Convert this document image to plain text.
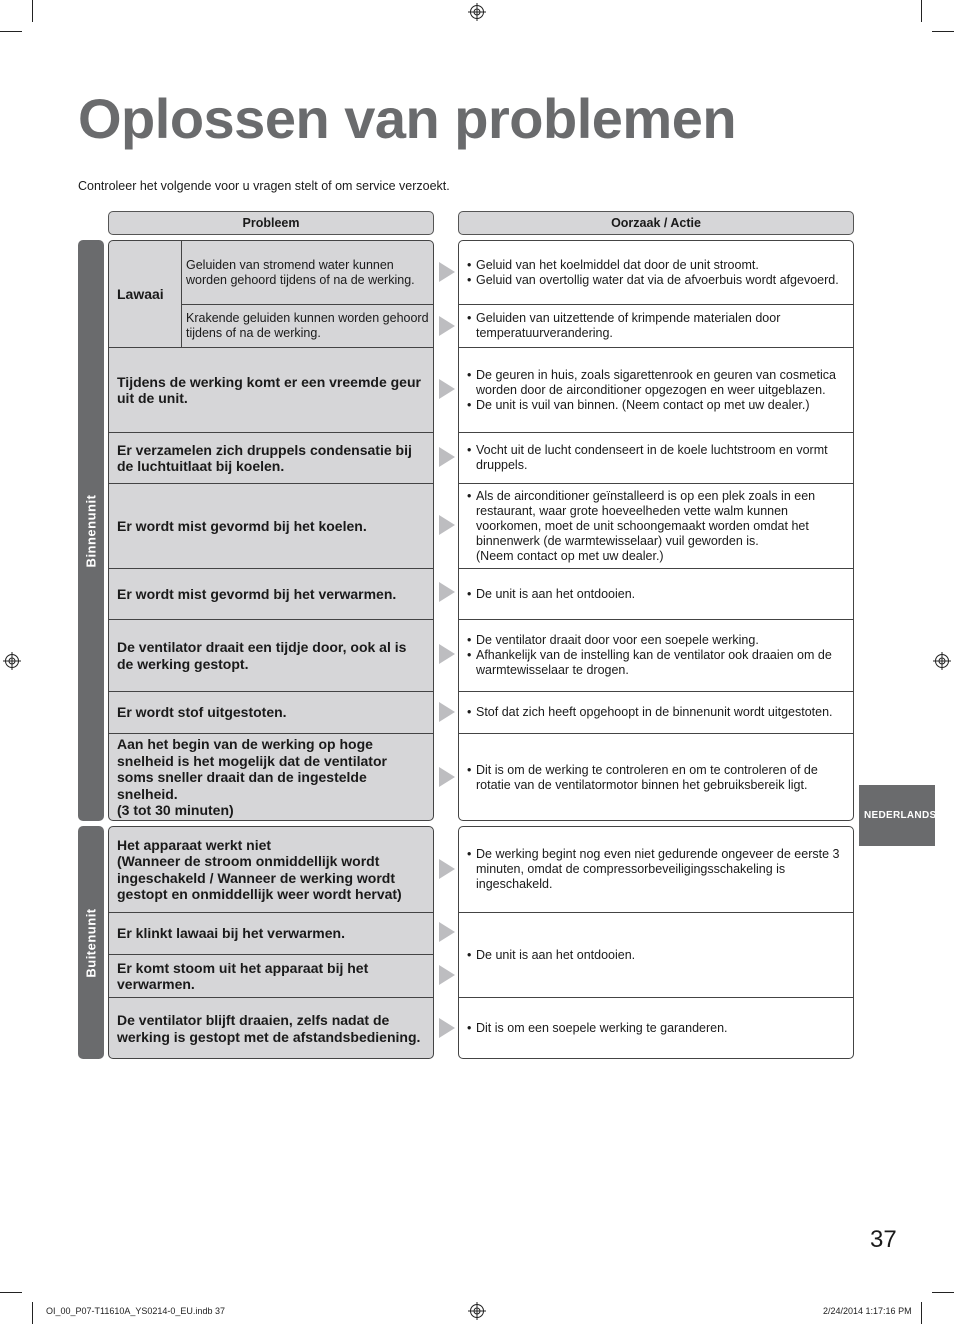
Oplossen van problemen
Controleer het volgende voor u vragen stelt of om service verzoekt.
Probleem	Oorzaak / Actie
Binnenunit
Buitenunit
Lawaai
Geluiden van stromend water kunnen worden gehoord tijdens of na de werking.
Krakende geluiden kunnen worden gehoord tijdens of na de werking.
Tijdens de werking komt er een vreemde geur uit de unit.
Er verzamelen zich druppels condensatie bij de luchtuitlaat bij koelen.
Er wordt mist gevormd bij het koelen.
Er wordt mist gevormd bij het verwarmen.
De ventilator draait een tijdje door, ook al is de werking gestopt.
Er wordt stof uitgestoten.
Aan het begin van de werking op hoge snelheid is het mogelijk dat de ventilator soms sneller draait dan de ingestelde snelheid.
(3 tot 30 minuten)
• Geluid van het koelmiddel dat door de unit stroomt.
• Geluid van overtollig water dat via de afvoerbuis wordt afgevoerd.
• Geluiden van uitzettende of krimpende materialen door temperatuurverandering.
• De geuren in huis, zoals sigarettenrook en geuren van cosmetica worden door de airconditioner opgezogen en weer uitgeblazen.
• De unit is vuil van binnen. (Neem contact op met uw dealer.)
• Vocht uit de lucht condenseert in de koele luchtstroom en vormt druppels.
• Als de airconditioner geïnstalleerd is op een plek zoals in een restaurant, waar grote hoeveelheden vette walm kunnen voorkomen, moet de unit schoongemaakt worden omdat het binnenwerk (de warmtewisselaar) vuil geworden is.
(Neem contact op met uw dealer.)
• De unit is aan het ontdooien.
• De ventilator draait door voor een soepele werking.
• Afhankelijk van de instelling kan de ventilator ook draaien om de warmtewisselaar te drogen.
• Stof dat zich heeft opgehoopt in de binnenunit wordt uitgestoten.
• Dit is om de werking te controleren en om te controleren of de rotatie van de ventilatormotor binnen het gebruiksbereik ligt.
Het apparaat werkt niet
(Wanneer de stroom onmiddellijk wordt ingeschakeld / Wanneer de werking wordt gestopt en onmiddellijk weer wordt hervat)
Er klinkt lawaai bij het verwarmen.
Er komt stoom uit het apparaat bij het verwarmen.
De ventilator blijft draaien, zelfs nadat de werking is gestopt met de afstandsbediening.
• De werking begint nog even niet gedurende ongeveer de eerste 3 minuten, omdat de compressorbeveiligingsschakeling is ingeschakeld.
• De unit is aan het ontdooien.
• Dit is om een soepele werking te garanderen.
NEDERLANDS
37
OI_00_P07-T11610A_YS0214-0_EU.indb 37	2/24/2014 1:17:16 PM
